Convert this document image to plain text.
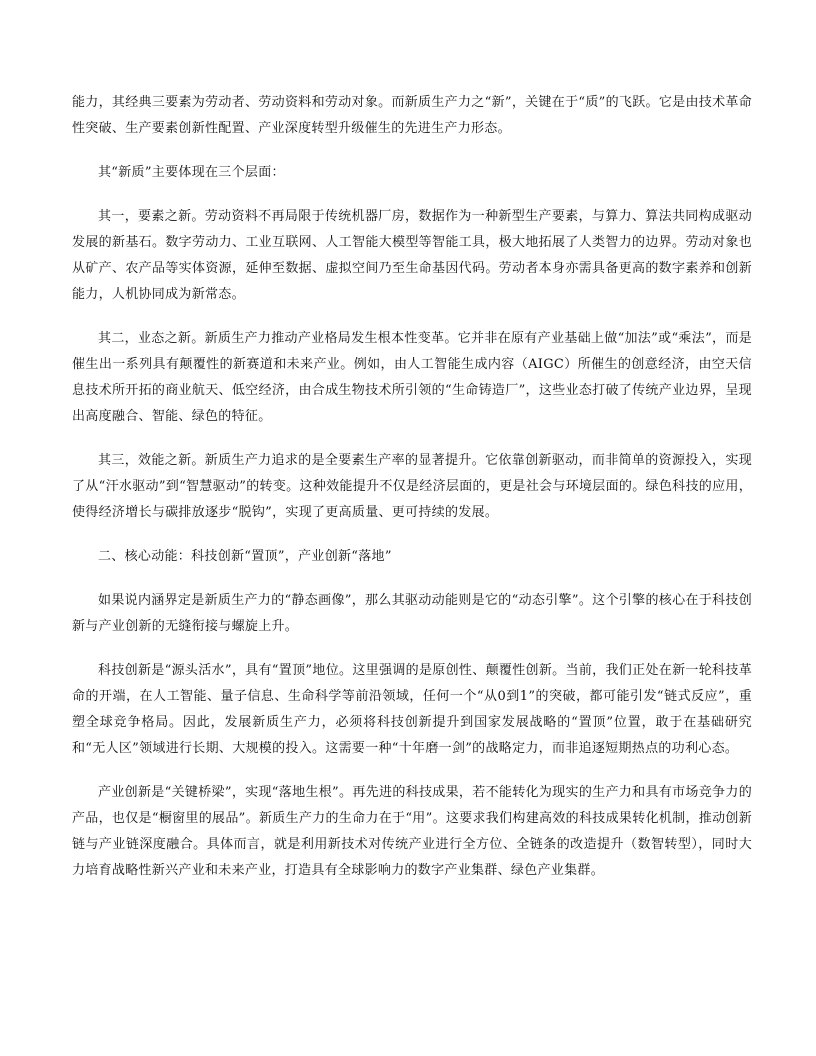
能力，其经典三要素为劳动者、劳动资料和劳动对象。而新质生产力之“新”，关键在于“质”的飞跃。它是由技术革命性突破、生产要素创新性配置、产业深度转型升级催生的先进生产力形态。

其“新质”主要体现在三个层面：

其一，要素之新。劳动资料不再局限于传统机器厂房，数据作为一种新型生产要素，与算力、算法共同构成驱动发展的新基石。数字劳动力、工业互联网、人工智能大模型等智能工具，极大地拓展了人类智力的边界。劳动对象也从矿产、农产品等实体资源，延伸至数据、虚拟空间乃至生命基因代码。劳动者本身亦需具备更高的数字素养和创新能力，人机协同成为新常态。

其二，业态之新。新质生产力推动产业格局发生根本性变革。它并非在原有产业基础上做“加法”或“乘法”，而是催生出一系列具有颠覆性的新赛道和未来产业。例如，由人工智能生成内容（AIGC）所催生的创意经济，由空天信息技术所开拓的商业航天、低空经济，由合成生物技术所引领的“生命铸造厂”，这些业态打破了传统产业边界，呈现出高度融合、智能、绿色的特征。

其三，效能之新。新质生产力追求的是全要素生产率的显著提升。它依靠创新驱动，而非简单的资源投入，实现了从“汗水驱动”到“智慧驱动”的转变。这种效能提升不仅是经济层面的，更是社会与环境层面的。绿色科技的应用，使得经济增长与碳排放逐步“脱钩”，实现了更高质量、更可持续的发展。

二、核心动能：科技创新“置顶”，产业创新“落地”

如果说内涵界定是新质生产力的“静态画像”，那么其驱动动能则是它的“动态引擎”。这个引擎的核心在于科技创新与产业创新的无缝衔接与螺旋上升。

科技创新是“源头活水”，具有“置顶”地位。这里强调的是原创性、颠覆性创新。当前，我们正处在新一轮科技革命的开端，在人工智能、量子信息、生命科学等前沿领域，任何一个“从0到1”的突破，都可能引发“链式反应”，重塑全球竞争格局。因此，发展新质生产力，必须将科技创新提升到国家发展战略的“置顶”位置，敢于在基础研究和“无人区”领域进行长期、大规模的投入。这需要一种“十年磨一剑”的战略定力，而非追逐短期热点的功利心态。

产业创新是“关键桥梁”，实现“落地生根”。再先进的科技成果，若不能转化为现实的生产力和具有市场竞争力的产品，也仅是“橱窗里的展品”。新质生产力的生命力在于“用”。这要求我们构建高效的科技成果转化机制，推动创新链与产业链深度融合。具体而言，就是利用新技术对传统产业进行全方位、全链条的改造提升（数智转型），同时大力培育战略性新兴产业和未来产业，打造具有全球影响力的数字产业集群、绿色产业集群。
